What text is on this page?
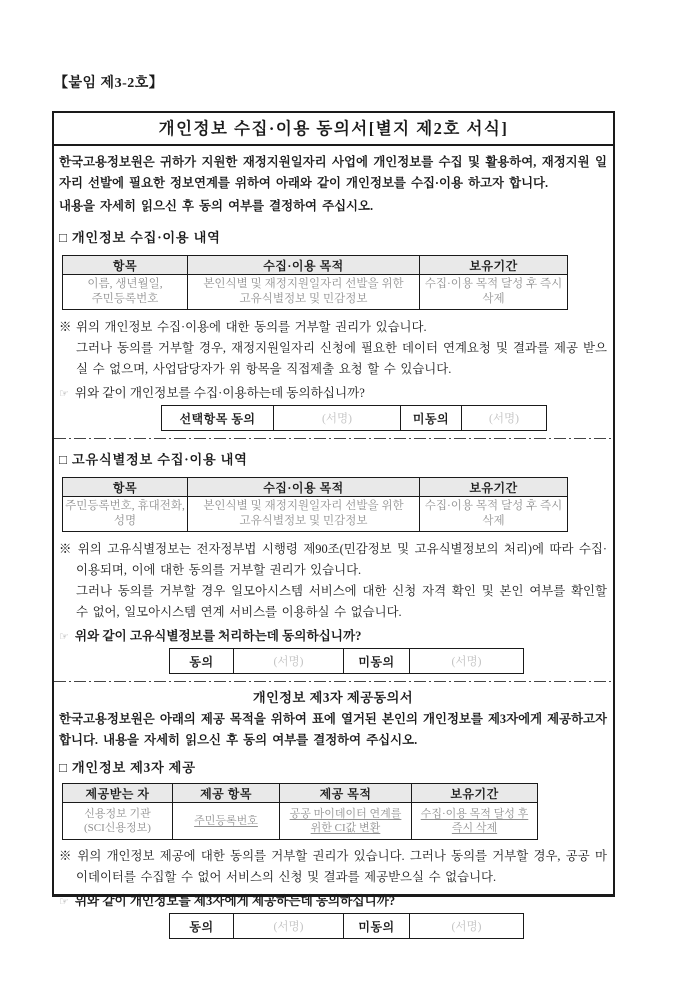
【붙임 제3-2호】
개인정보 수집·이용 동의서[별지 제2호 서식]

한국고용정보원은 귀하가 지원한 재정지원일자리 사업에 개인정보를 수집 및 활용하여, 재정지원 일자리 선발에 필요한 정보연계를 위하여 아래와 같이 개인정보를 수집·이용 하고자 합니다.

내용을 자세히 읽으신 후 동의 여부를 결정하여 주십시오.

□ 개인정보 수집·이용 내역

항목	수집·이용 목적	보유기간
이름, 생년월일, 주민등록번호	본인식별 및 재정지원일자리 선발을 위한 고유식별정보 및 민감정보	수집·이용 목적 달성 후 즉시 삭제

※ 위의 개인정보 수집·이용에 대한 동의를 거부할 권리가 있습니다.

그러나 동의를 거부할 경우, 재정지원일자리 신청에 필요한 데이터 연계요청 및 결과를 제공 받으실 수 없으며, 사업담당자가 위 항목을 직접제출 요청 할 수 있습니다.

☞ 위와 같이 개인정보를 수집·이용하는데 동의하십니까?

선택항목 동의	(서명)	미동의	(서명)

□ 고유식별정보 수집·이용 내역

항목	수집·이용 목적	보유기간
주민등록번호, 휴대전화, 성명	본인식별 및 재정지원일자리 선발을 위한 고유식별정보 및 민감정보	수집·이용 목적 달성 후 즉시 삭제

※ 위의 고유식별정보는 전자정부법 시행령 제90조(민감정보 및 고유식별정보의 처리)에 따라 수집·이용되며, 이에 대한 동의를 거부할 권리가 있습니다.

그러나 동의를 거부할 경우 일모아시스템 서비스에 대한 신청 자격 확인 및 본인 여부를 확인할 수 없어, 일모아시스템 연계 서비스를 이용하실 수 없습니다.

☞ 위와 같이 고유식별정보를 처리하는데 동의하십니까?

동의	(서명)	미동의	(서명)

개인정보 제3자 제공동의서

한국고용정보원은 아래의 제공 목적을 위하여 표에 열거된 본인의 개인정보를 제3자에게 제공하고자 합니다. 내용을 자세히 읽으신 후 동의 여부를 결정하여 주십시오.

□ 개인정보 제3자 제공

제공받는 자	제공 항목	제공 목적	보유기간
신용정보 기관(SCI신용정보)	주민등록번호	공공 마이데이터 연계를 위한 CI값 변환	수집·이용 목적 달성 후 즉시 삭제

※ 위의 개인정보 제공에 대한 동의를 거부할 권리가 있습니다. 그러나 동의를 거부할 경우, 공공 마이데이터를 수집할 수 없어 서비스의 신청 및 결과를 제공받으실 수 없습니다.

☞ 위와 같이 개인정보를 제3자에게 제공하는데 동의하십니까?

동의	(서명)	미동의	(서명)
